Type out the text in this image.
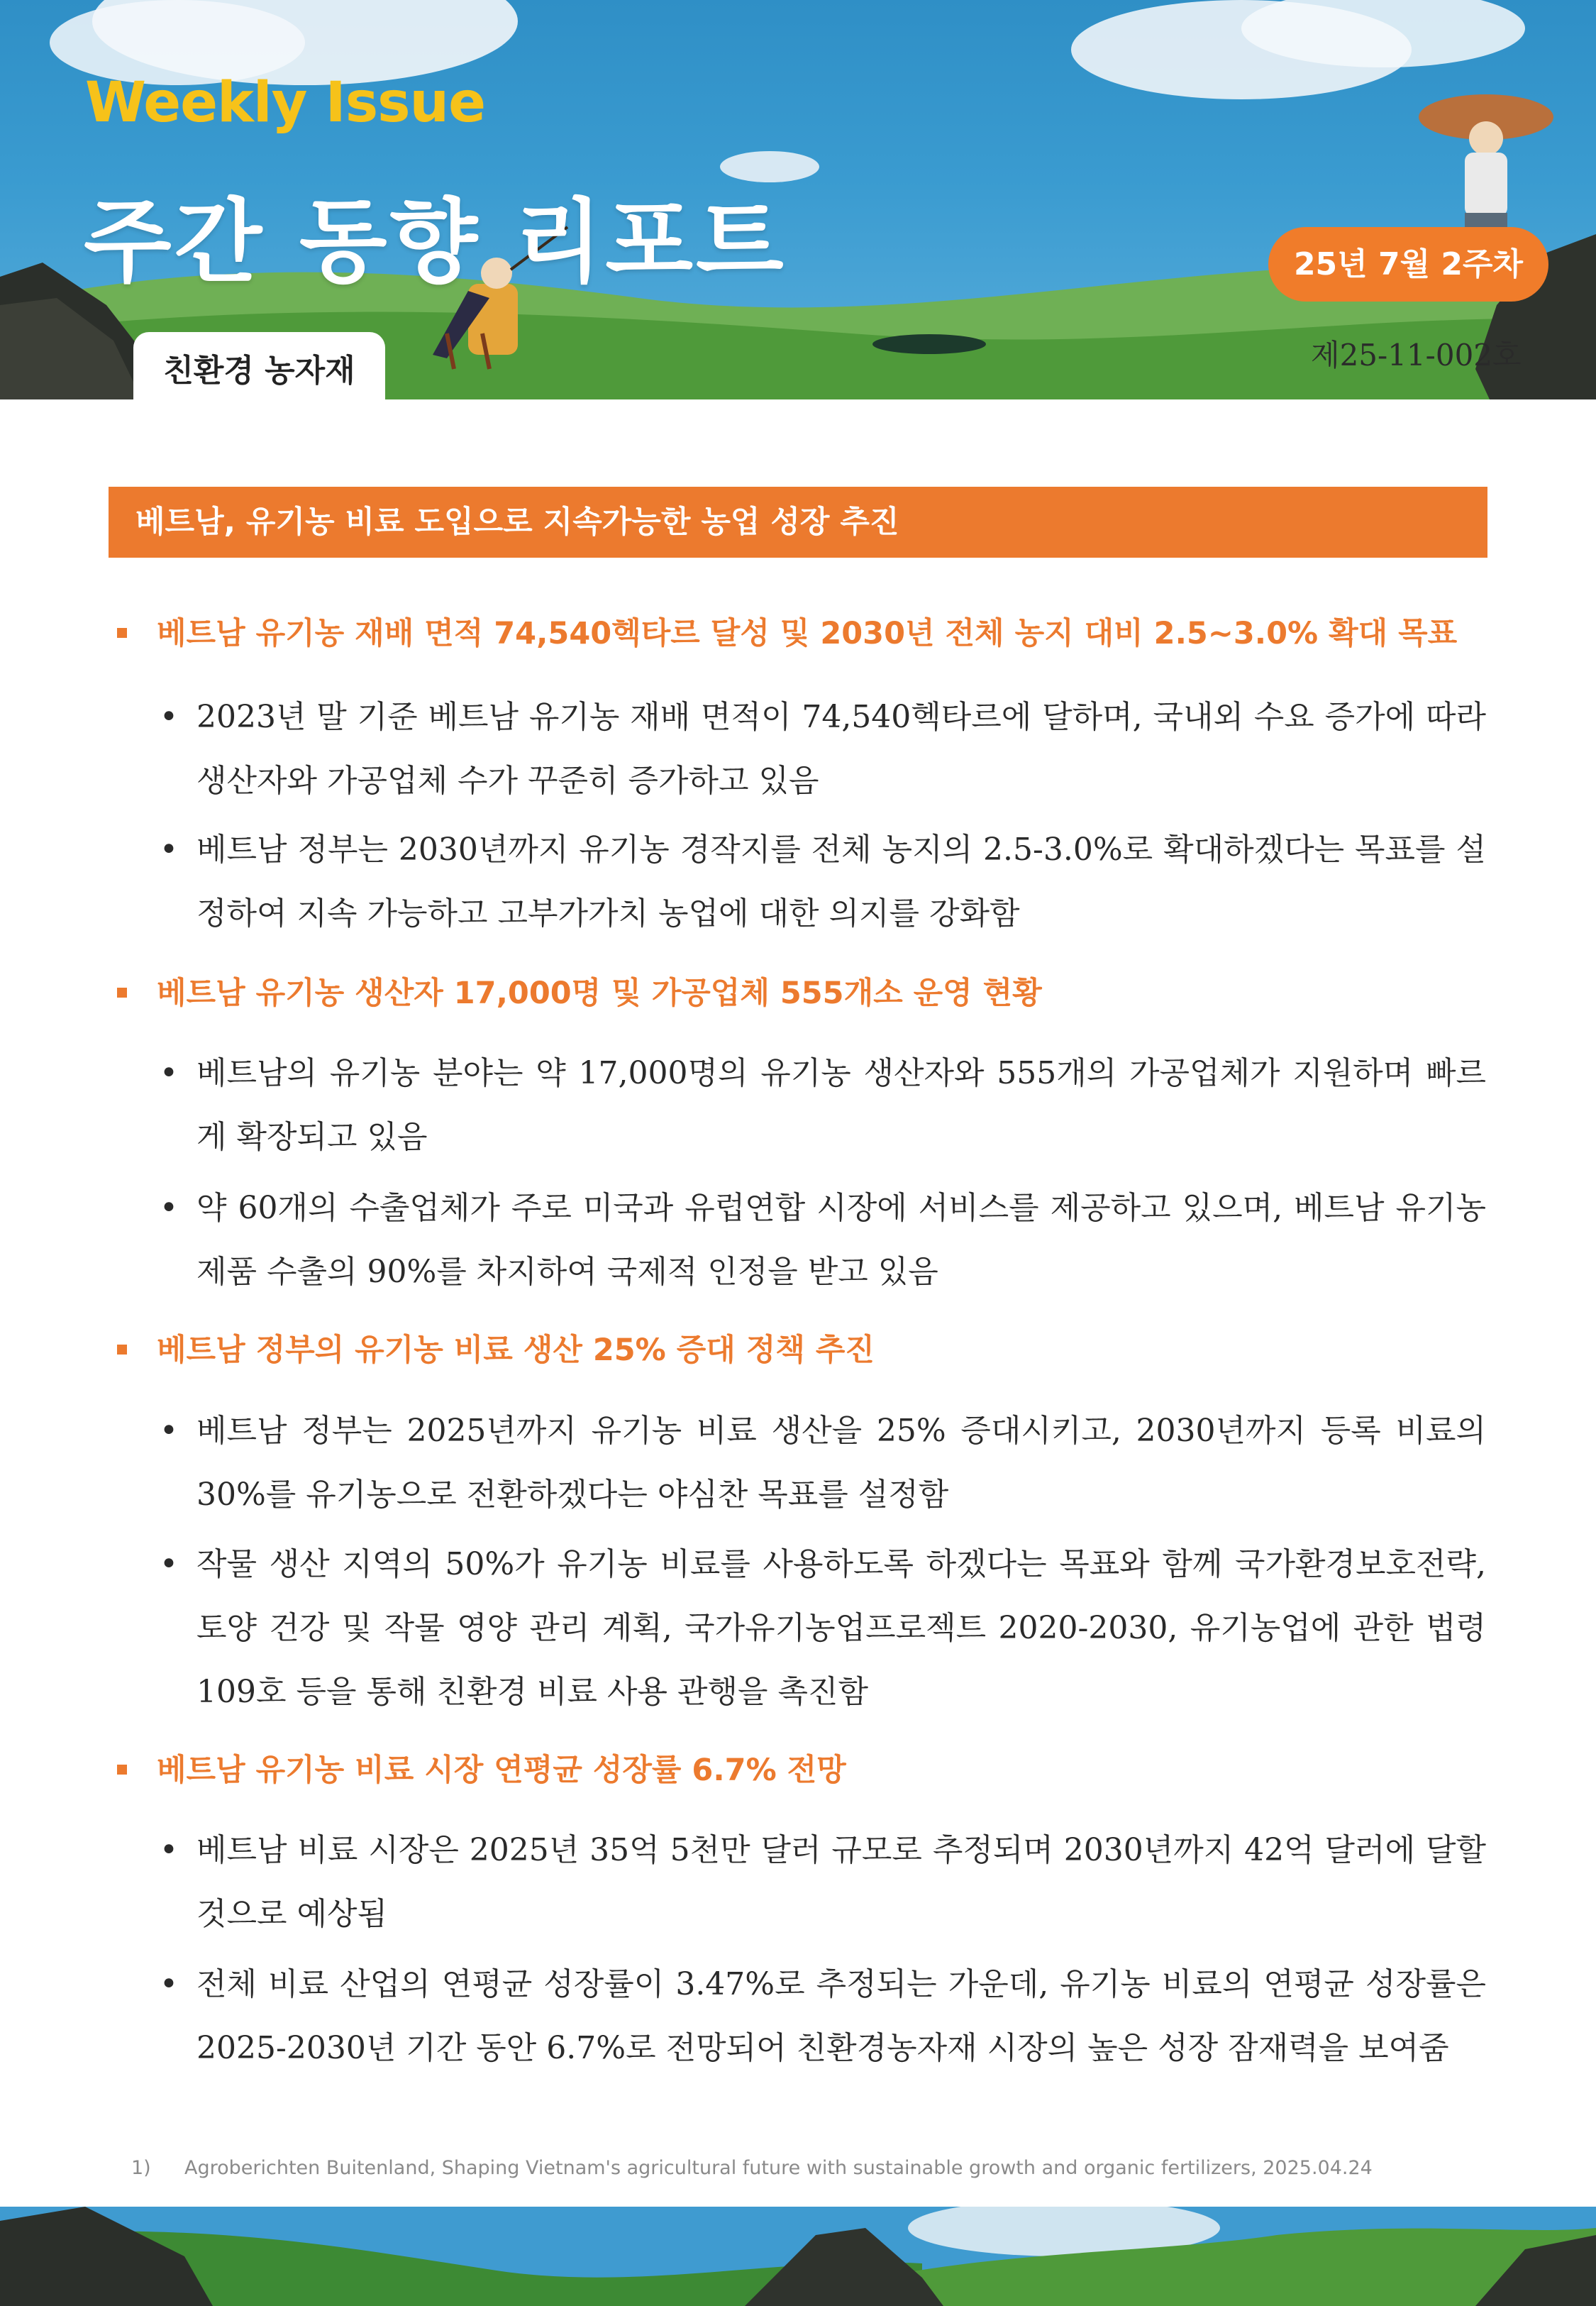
Weekly Issue
주간 동향 리포트	25년 7월 2주차
제25-11-002호
친환경 농자재
베트남, 유기농 비료 도입으로 지속가능한 농업 성장 추진
베트남 유기농 재배 면적 74,540헥타르 달성 및 2030년 전체 농지 대비 2.5~3.0% 확대 목표
• 2023년 말 기준 베트남 유기농 재배 면적이 74,540헥타르에 달하며, 국내외 수요 증가에 따라 생산자와 가공업체 수가 꾸준히 증가하고 있음
• 베트남 정부는 2030년까지 유기농 경작지를 전체 농지의 2.5-3.0%로 확대하겠다는 목표를 설정하여 지속 가능하고 고부가가치 농업에 대한 의지를 강화함
베트남 유기농 생산자 17,000명 및 가공업체 555개소 운영 현황
• 베트남의 유기농 분야는 약 17,000명의 유기농 생산자와 555개의 가공업체가 지원하며 빠르게 확장되고 있음
• 약 60개의 수출업체가 주로 미국과 유럽연합 시장에 서비스를 제공하고 있으며, 베트남 유기농 제품 수출의 90%를 차지하여 국제적 인정을 받고 있음
베트남 정부의 유기농 비료 생산 25% 증대 정책 추진
• 베트남 정부는 2025년까지 유기농 비료 생산을 25% 증대시키고, 2030년까지 등록 비료의 30%를 유기농으로 전환하겠다는 야심찬 목표를 설정함
• 작물 생산 지역의 50%가 유기농 비료를 사용하도록 하겠다는 목표와 함께 국가환경보호전략, 토양 건강 및 작물 영양 관리 계획, 국가유기농업프로젝트 2020-2030, 유기농업에 관한 법령 109호 등을 통해 친환경 비료 사용 관행을 촉진함
베트남 유기농 비료 시장 연평균 성장률 6.7% 전망
• 베트남 비료 시장은 2025년 35억 5천만 달러 규모로 추정되며 2030년까지 42억 달러에 달할 것으로 예상됨
• 전체 비료 산업의 연평균 성장률이 3.47%로 추정되는 가운데, 유기농 비료의 연평균 성장률은 2025-2030년 기간 동안 6.7%로 전망되어 친환경농자재 시장의 높은 성장 잠재력을 보여줌
1) Agroberichten Buitenland, Shaping Vietnam's agricultural future with sustainable growth and organic fertilizers, 2025.04.24
